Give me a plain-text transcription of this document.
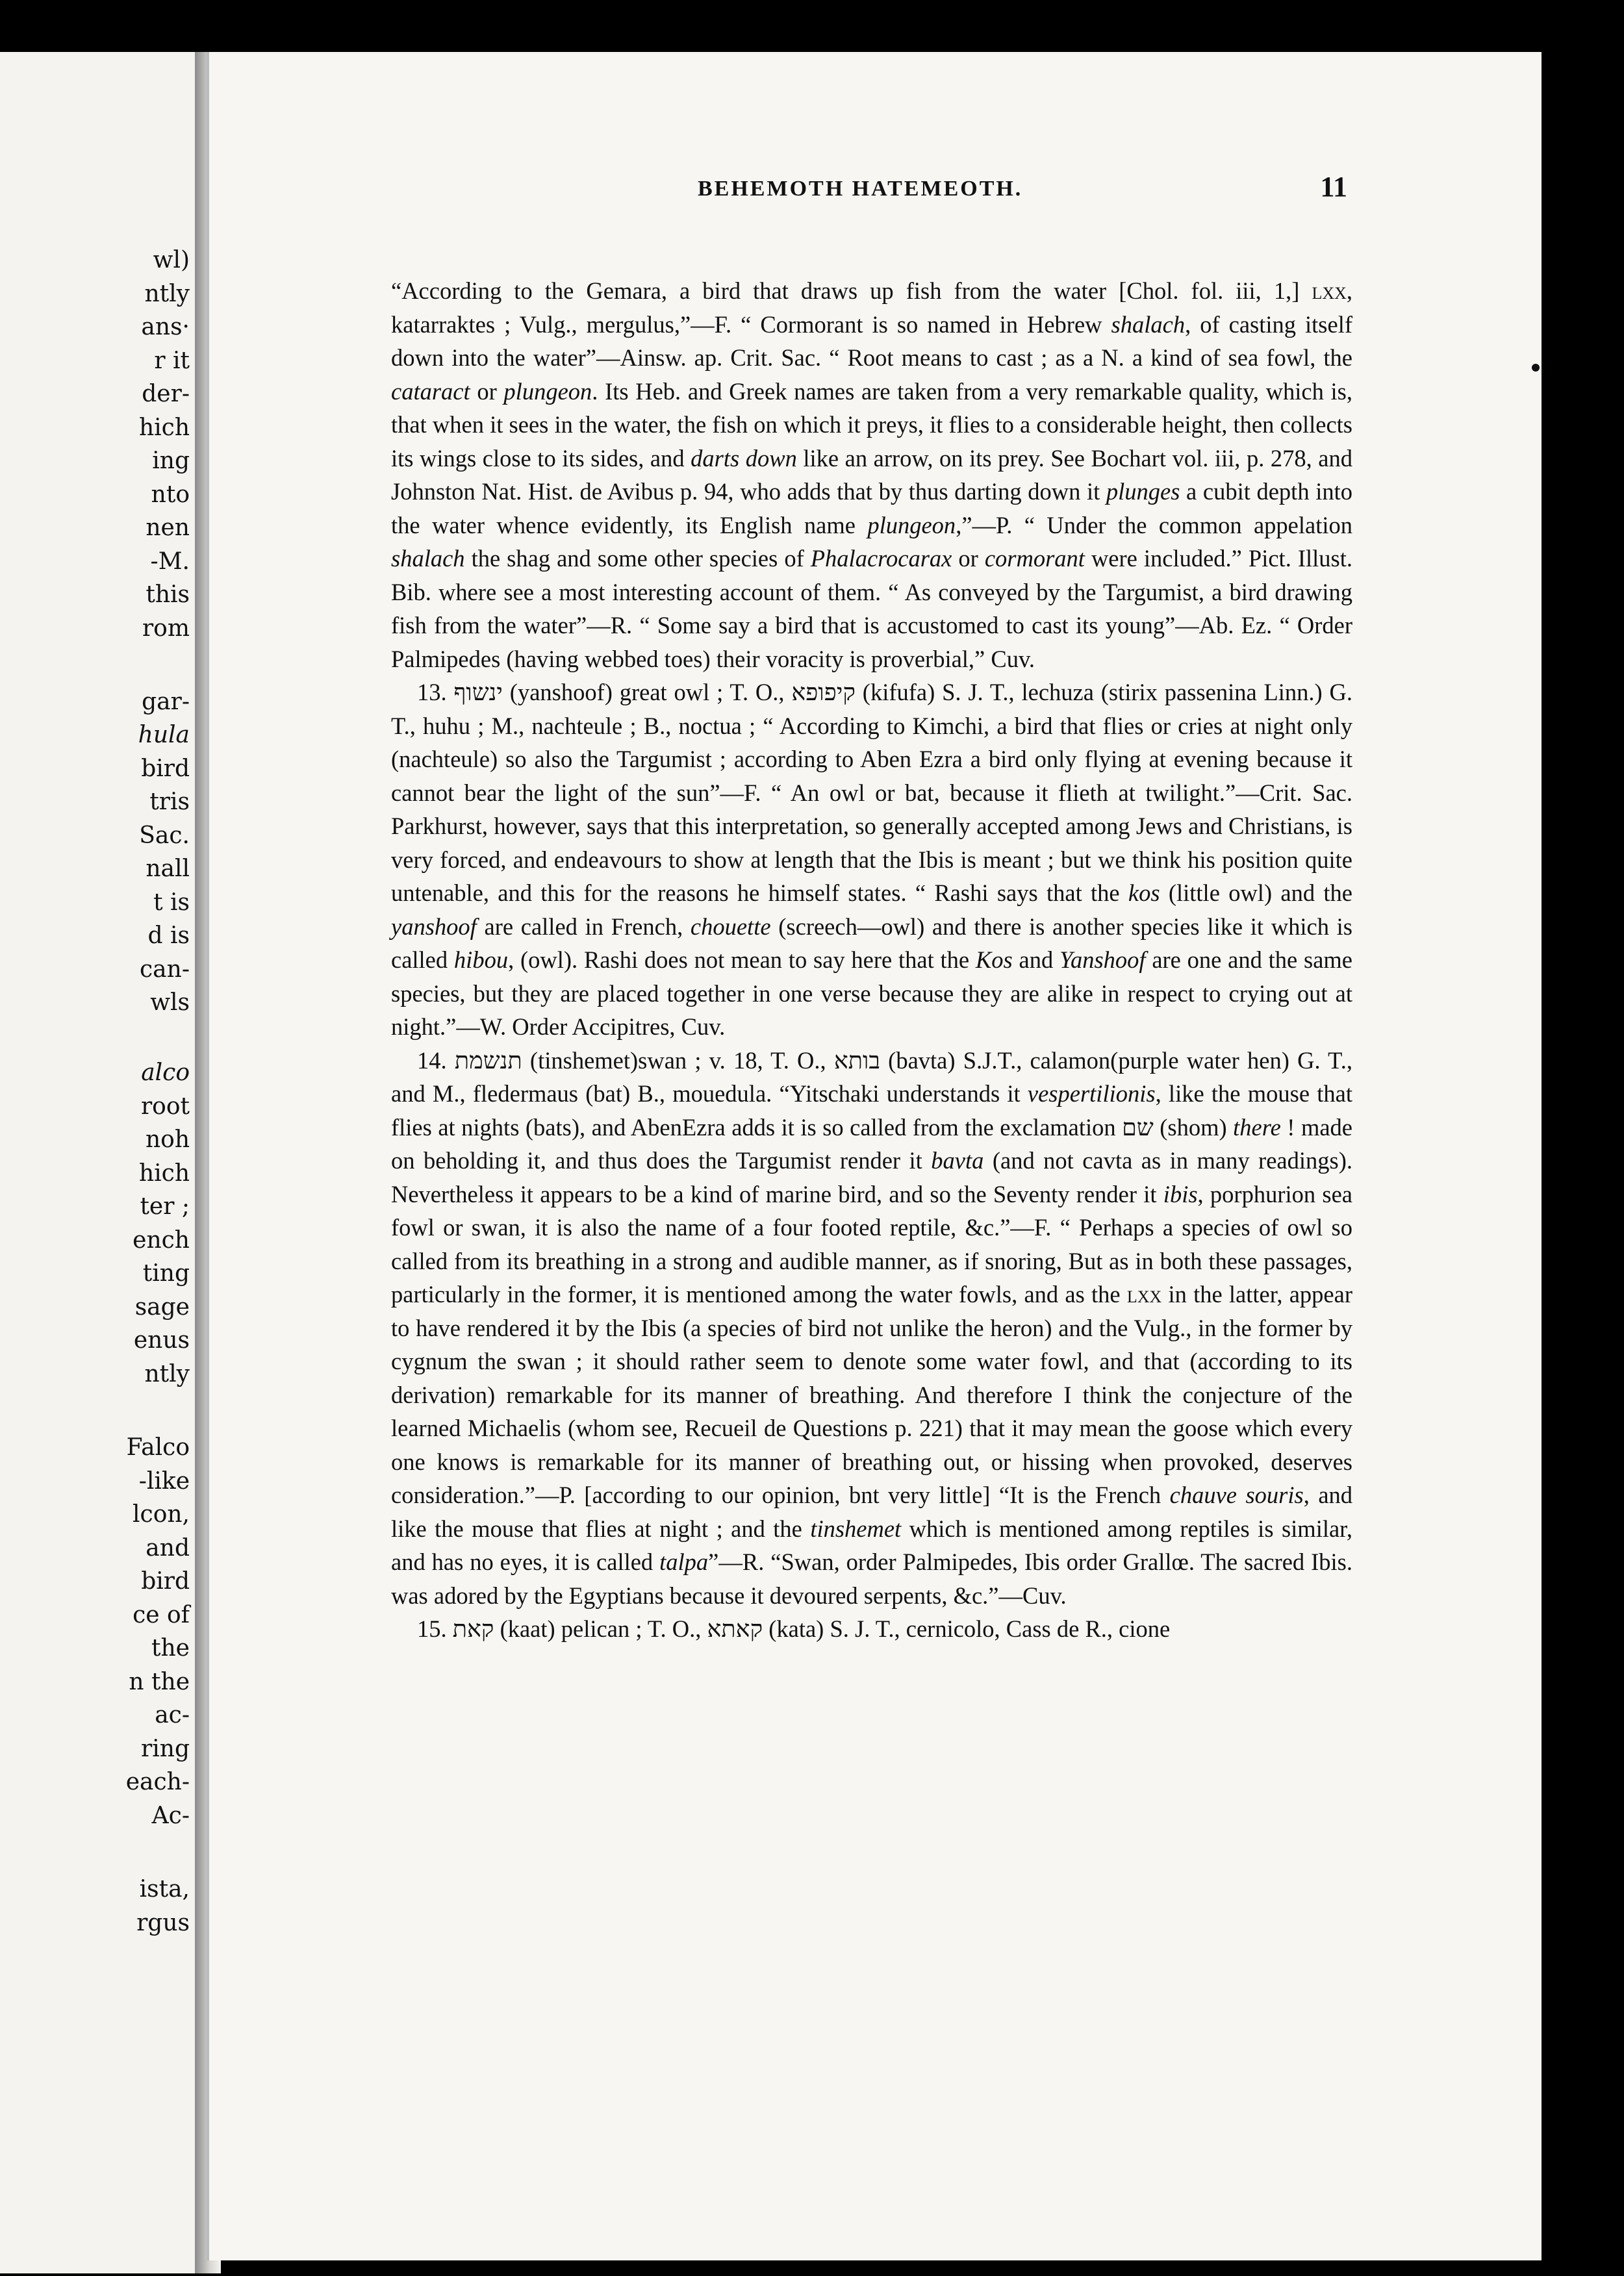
wl)
ntly
ans·
r it
der-
hich
ing
nto
nen
-M.
this
rom
gar-
hula
bird
tris
Sac.
nall
t is
d is
can-
wls
alco
root
noh
hich
ter ;
ench
ting
sage
enus
ntly
Falco
-like
lcon,
and
bird
ce of
the
n the
ac-
ring
each-
Ac-
ista,
rgus
BEHEMOTH HATEMEOTH.	11

“According to the Gemara, a bird that draws up fish from the water [Chol. fol. iii, 1,] lxx, katarraktes ; Vulg., mergulus,”—F. “ Cormorant is so named in Hebrew shalach, of casting itself down into the water”—Ainsw. ap. Crit. Sac. “ Root means to cast ; as a N. a kind of sea fowl, the cataract or plungeon. Its Heb. and Greek names are taken from a very remarkable quality, which is, that when it sees in the water, the fish on which it preys, it flies to a considerable height, then collects its wings close to its sides, and darts down like an arrow, on its prey. See Bochart vol. iii, p. 278, and Johnston Nat. Hist. de Avibus p. 94, who adds that by thus darting down it plunges a cubit depth into the water whence evidently, its English name plungeon,”—P. “ Under the common appelation shalach the shag and some other species of Phalacrocarax or cormorant were included.” Pict. Illust. Bib. where see a most interesting account of them. “ As conveyed by the Targumist, a bird drawing fish from the water”—R. “ Some say a bird that is accustomed to cast its young”—Ab. Ez. “ Order Palmipedes (having webbed toes) their voracity is proverbial,” Cuv.

13. ינשוף (yanshoof) great owl ; T. O., קיפופא (kifufa) S. J. T., lechuza (stirix passenina Linn.) G. T., huhu ; M., nachteule ; B., noctua ; “ According to Kimchi, a bird that flies or cries at night only (nachteule) so also the Targumist ; according to Aben Ezra a bird only flying at evening because it cannot bear the light of the sun”—F. “ An owl or bat, because it flieth at twilight.”—Crit. Sac. Parkhurst, however, says that this interpretation, so generally accepted among Jews and Christians, is very forced, and endeavours to show at length that the Ibis is meant ; but we think his position quite untenable, and this for the reasons he himself states. “ Rashi says that the kos (little owl) and the yanshoof are called in French, chouette (screech—owl) and there is another species like it which is called hibou, (owl). Rashi does not mean to say here that the Kos and Yanshoof are one and the same species, but they are placed together in one verse because they are alike in respect to crying out at night.”—W. Order Accipitres, Cuv.

14. תנשמת (tinshemet)swan ; v. 18, T. O., בותא (bavta) S.J.T., calamon(purple water hen) G. T., and M., fledermaus (bat) B., mouedula. “Yitschaki understands it vespertilionis, like the mouse that flies at nights (bats), and AbenEzra adds it is so called from the exclamation שם (shom) there ! made on beholding it, and thus does the Targumist render it bavta (and not cavta as in many readings). Nevertheless it appears to be a kind of marine bird, and so the Seventy render it ibis, porphurion sea fowl or swan, it is also the name of a four footed reptile, &c.”—F. “ Perhaps a species of owl so called from its breathing in a strong and audible manner, as if snoring, But as in both these passages, particularly in the former, it is mentioned among the water fowls, and as the lxx in the latter, appear to have rendered it by the Ibis (a species of bird not unlike the heron) and the Vulg., in the former by cygnum the swan ; it should rather seem to denote some water fowl, and that (according to its derivation) remarkable for its manner of breathing. And therefore I think the conjecture of the learned Michaelis (whom see, Recueil de Questions p. 221) that it may mean the goose which every one knows is remarkable for its manner of breathing out, or hissing when provoked, deserves consideration.”—P. [according to our opinion, bnt very little] “It is the French chauve souris, and like the mouse that flies at night ; and the tinshemet which is mentioned among reptiles is similar, and has no eyes, it is called talpa”—R. “Swan, order Palmipedes, Ibis order Grallœ. The sacred Ibis. was adored by the Egyptians because it devoured serpents, &c.”—Cuv.

15. קאת (kaat) pelican ; T. O., קאתא (kata) S. J. T., cernicolo, Cass de R., cione
